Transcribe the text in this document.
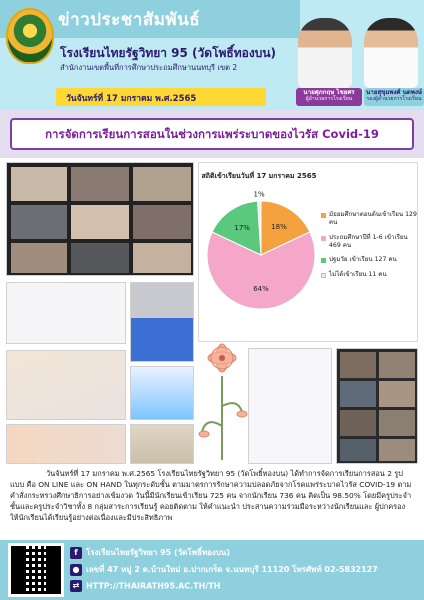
ข่าวประชาสัมพันธ์
โรงเรียนไทยรัฐวิทยา 95 (วัดโพธิ์ทองบน)
สำนักงานเขตพื้นที่การศึกษาประถมศึกษานนทบุรี เขต 2
วันจันทร์ที่ 17 มกราคม พ.ศ.2565
นายศุภกฤษ ไชยศร
ผู้อำนวยการโรงเรียน
นายสุขุมพงศ์ นตพงษ์
รองผู้อำนวยการโรงเรียน
การจัดการเรียนการสอนในช่วงการแพร่ระบาดของไวรัส Covid-19
สถิติเข้าเรียนวันที่ 17 มกราคม 2565
18%
64%
17%
1%
มัธยมศึกษาตอนต้นเข้าเรียน 129 คน
ประถมศึกษาปีที่ 1-6 เข้าเรียน 469 คน
ปฐมวัย เข้าเรียน 127 คน
ไม่ได้เข้าเรียน 11 คน

วันจันทร์ที่ 17 มกราคม พ.ศ.2565 โรงเรียนไทยรัฐวิทยา 95 (วัดโพธิ์ทองบน) ได้ทำการจัดการเรียนการสอน 2 รูปแบบ คือ ON LINE และ ON HAND ในทุกระดับชั้น ตามมาตรการรักษาความปลอดภัยจากโรคแพร่ระบาดไวรัส COVID-19 ตามคำสั่งกระทรวงศึกษาธิการอย่างเข้มงวด วันนี้มีนักเรียนเข้าเรียน 725 คน จากนักเรียน 736 คน คิดเป็น 98.50% โดยมีครูประจำชั้นและครูประจำวิชาทั้ง 8 กลุ่มสาระการเรียนรู้ คอยติดตาม ให้คำแนะนำ ประสานความร่วมมือระหว่างนักเรียนและ ผู้ปกครอง ให้นักเรียนได้เรียนรู้อย่างต่อเนื่องและมีประสิทธิภาพ

f โรงเรียนไทยรัฐวิทยา 95 (วัดโพธิ์ทองบน)
● เลขที่ 47 หมู่ 2 ต.บ้านใหม่ อ.ปากเกร็ด จ.นนทบุรี 11120 โทรศัพท์ 02-5832127
⇄ HTTP://THAIRATH95.AC.TH/TH
